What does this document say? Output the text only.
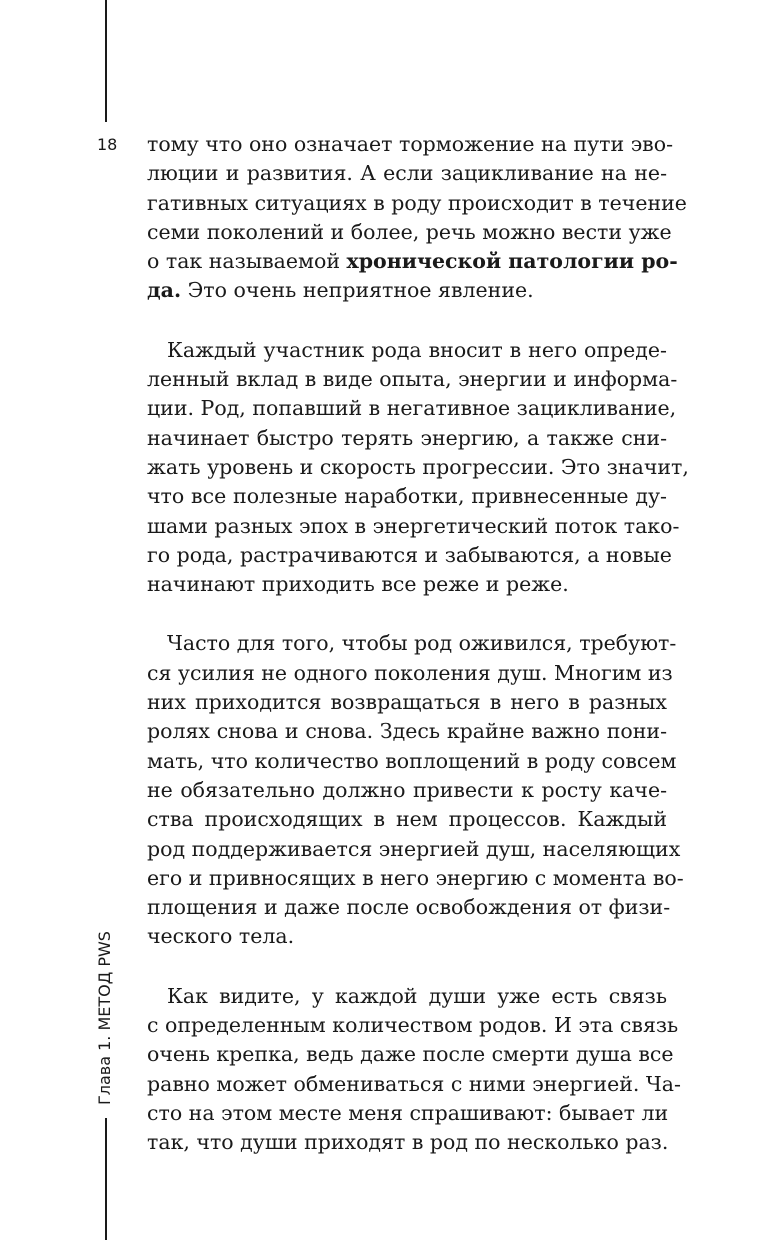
18
Глава 1. МЕТОД PWS
тому что оно означает торможение на пути эво-
люции и развития. А если зацикливание на не-
гативных ситуациях в роду происходит в течение
семи поколений и более, речь можно вести уже
о так называемой хронической патологии ро-
да. Это очень неприятное явление.
Каждый участник рода вносит в него опреде-
ленный вклад в виде опыта, энергии и информа-
ции. Род, попавший в негативное зацикливание,
начинает быстро терять энергию, а также сни-
жать уровень и скорость прогрессии. Это значит,
что все полезные наработки, привнесенные ду-
шами разных эпох в энергетический поток тако-
го рода, растрачиваются и забываются, а новые
начинают приходить все реже и реже.
Часто для того, чтобы род оживился, требуют-
ся усилия не одного поколения душ. Многим из
них приходится возвращаться в него в разных
ролях снова и снова. Здесь крайне важно пони-
мать, что количество воплощений в роду совсем
не обязательно должно привести к росту каче-
ства происходящих в нем процессов. Каждый
род поддерживается энергией душ, населяющих
его и привносящих в него энергию с момента во-
площения и даже после освобождения от физи-
ческого тела.
Как видите, у каждой души уже есть связь
с определенным количеством родов. И эта связь
очень крепка, ведь даже после смерти душа все
равно может обмениваться с ними энергией. Ча-
сто на этом месте меня спрашивают: бывает ли
так, что души приходят в род по несколько раз.
